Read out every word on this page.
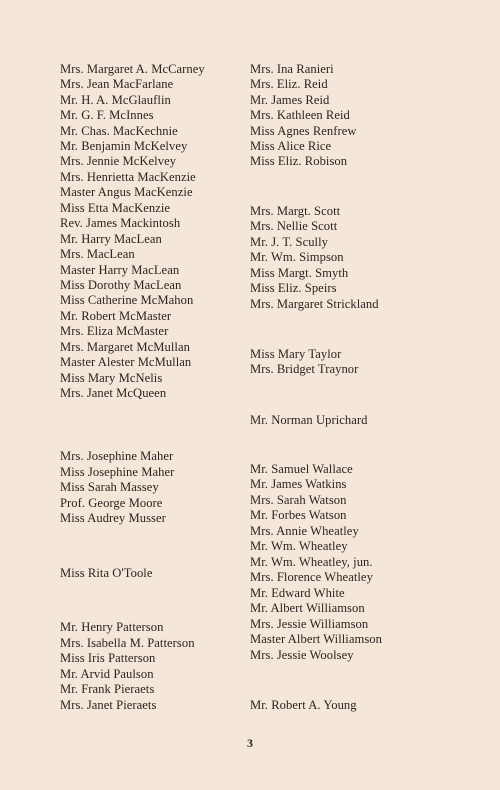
Mrs. Margaret A. McCarney
Mrs. Jean MacFarlane
Mr. H. A. McGlauflin
Mr. G. F. McInnes
Mr. Chas. MacKechnie
Mr. Benjamin McKelvey
Mrs. Jennie McKelvey
Mrs. Henrietta MacKenzie
Master Angus MacKenzie
Miss Etta MacKenzie
Rev. James Mackintosh
Mr. Harry MacLean
Mrs. MacLean
Master Harry MacLean
Miss Dorothy MacLean
Miss Catherine McMahon
Mr. Robert McMaster
Mrs. Eliza McMaster
Mrs. Margaret McMullan
Master Alester McMullan
Miss Mary McNelis
Mrs. Janet McQueen
Mrs. Josephine Maher
Miss Josephine Maher
Miss Sarah Massey
Prof. George Moore
Miss Audrey Musser
Miss Rita O'Toole
Mr. Henry Patterson
Mrs. Isabella M. Patterson
Miss Iris Patterson
Mr. Arvid Paulson
Mr. Frank Pieraets
Mrs. Janet Pieraets
Mrs. Ina Ranieri
Mrs. Eliz. Reid
Mr. James Reid
Mrs. Kathleen Reid
Miss Agnes Renfrew
Miss Alice Rice
Miss Eliz. Robison
Mrs. Margt. Scott
Mrs. Nellie Scott
Mr. J. T. Scully
Mr. Wm. Simpson
Miss Margt. Smyth
Miss Eliz. Speirs
Mrs. Margaret Strickland
Miss Mary Taylor
Mrs. Bridget Traynor
Mr. Norman Uprichard
Mr. Samuel Wallace
Mr. James Watkins
Mrs. Sarah Watson
Mr. Forbes Watson
Mrs. Annie Wheatley
Mr. Wm. Wheatley
Mr. Wm. Wheatley, jun.
Mrs. Florence Wheatley
Mr. Edward White
Mr. Albert Williamson
Mrs. Jessie Williamson
Master Albert Williamson
Mrs. Jessie Woolsey
Mr. Robert A. Young
3
